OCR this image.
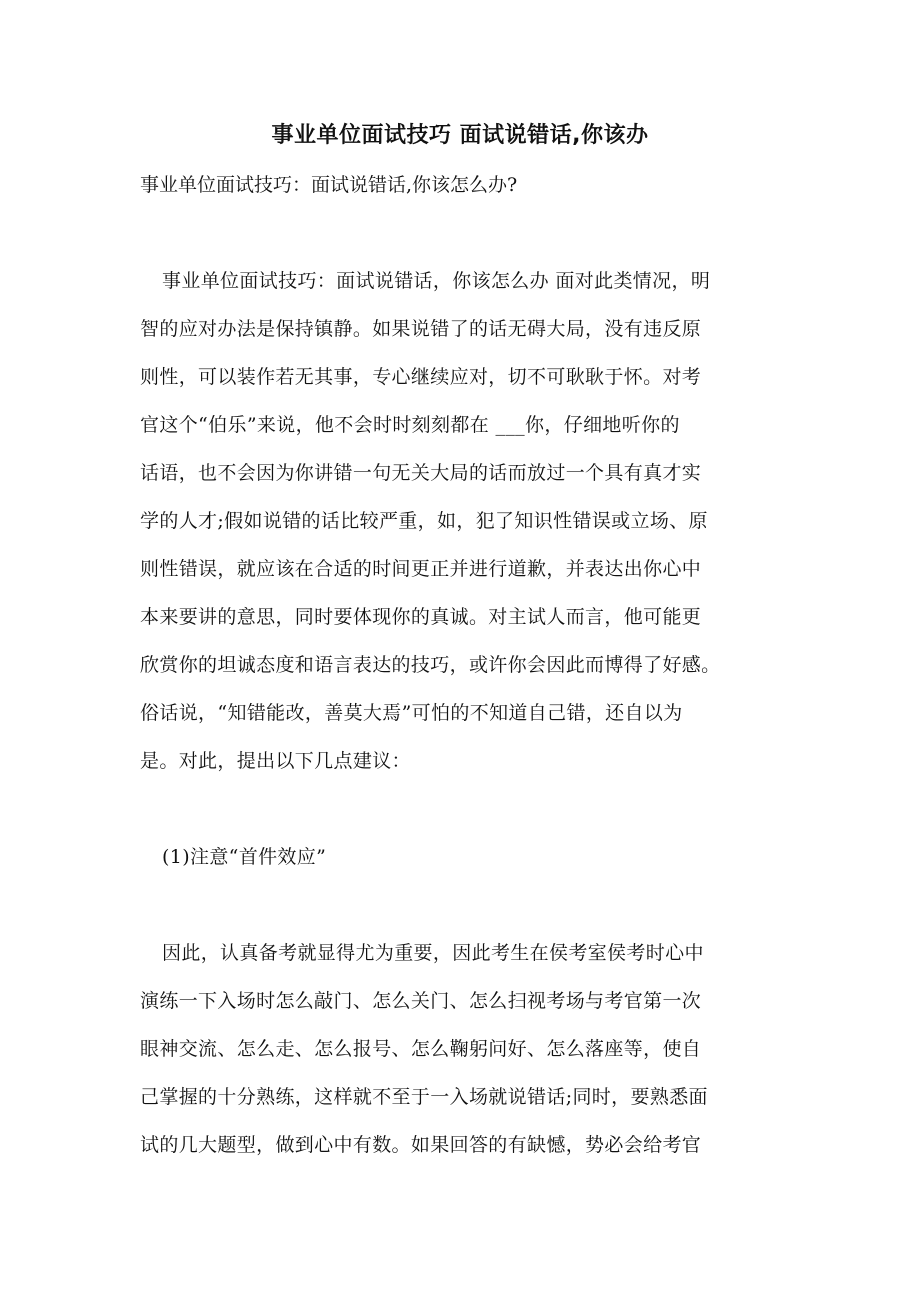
事业单位面试技巧 面试说错话,你该办
事业单位面试技巧：面试说错话,你该怎么办?
事业单位面试技巧：面试说错话，你该怎么办 面对此类情况，明
智的应对办法是保持镇静。如果说错了的话无碍大局，没有违反原
则性，可以装作若无其事，专心继续应对，切不可耿耿于怀。对考
官这个“伯乐”来说，他不会时时刻刻都在 ___你，仔细地听你的
话语，也不会因为你讲错一句无关大局的话而放过一个具有真才实
学的人才;假如说错的话比较严重，如，犯了知识性错误或立场、原
则性错误，就应该在合适的时间更正并进行道歉，并表达出你心中
本来要讲的意思，同时要体现你的真诚。对主试人而言，他可能更
欣赏你的坦诚态度和语言表达的技巧，或许你会因此而博得了好感。
俗话说，“知错能改，善莫大焉”可怕的不知道自己错，还自以为
是。对此，提出以下几点建议：
(1)注意“首件效应”
因此，认真备考就显得尤为重要，因此考生在侯考室侯考时心中
演练一下入场时怎么敲门、怎么关门、怎么扫视考场与考官第一次
眼神交流、怎么走、怎么报号、怎么鞠躬问好、怎么落座等，使自
己掌握的十分熟练，这样就不至于一入场就说错话;同时，要熟悉面
试的几大题型，做到心中有数。如果回答的有缺憾，势必会给考官
